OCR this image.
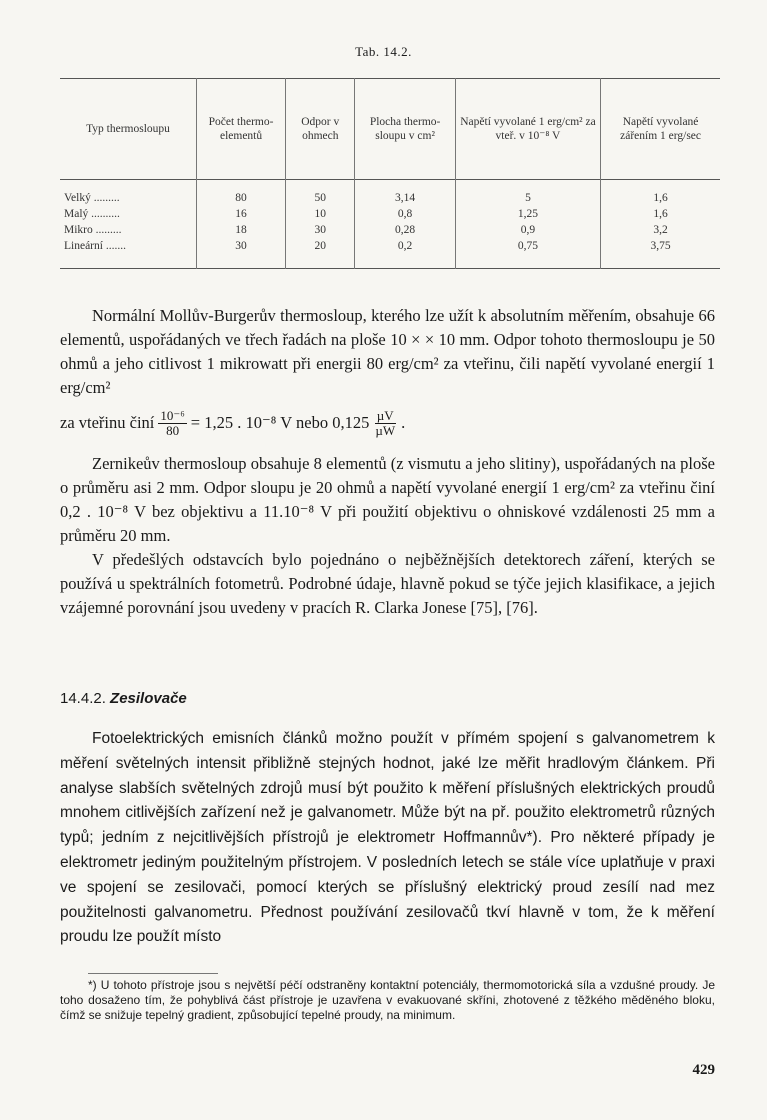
Tab. 14.2.
Typ thermosloupu	Počet thermo-elementů	Odpor v ohmech	Plocha thermo-sloupu v cm²	Napětí vyvolané 1 erg/cm² za vteř. v 10⁻⁸ V	Napětí vyvolané zářením 1 erg/sec
Velký .........	80	50	3,14	5	1,6
Malý ..........	16	10	0,8	1,25	1,6
Mikro .........	18	30	0,28	0,9	3,2
Lineární .......	30	20	0,2	0,75	3,75

Normální Mollův-Burgerův thermosloup, kterého lze užít k absolutním měřením, obsahuje 66 elementů, uspořádaných ve třech řadách na ploše 10 × × 10 mm. Odpor tohoto thermosloupu je 50 ohmů a jeho citlivost 1 mikrowatt při energii 80 erg/cm² za vteřinu, čili napětí vyvolané energií 1 erg/cm²

za vteřinu činí $\frac{\text{10⁻⁶}}{80} = 1,25$ . 10⁻⁸ V nebo $0,125 \frac{\text{µV}}{\text{µW}}$ .

Zernikeův thermosloup obsahuje 8 elementů (z vismutu a jeho slitiny), uspořádaných na ploše o průměru asi 2 mm. Odpor sloupu je 20 ohmů a napětí vyvolané energií 1 erg/cm² za vteřinu činí 0,2 . 10⁻⁸ V bez objektivu a 11.10⁻⁸ V při použití objektivu o ohniskové vzdálenosti 25 mm a průměru 20 mm.

V předešlých odstavcích bylo pojednáno o nejběžnějších detektorech záření, kterých se používá u spektrálních fotometrů. Podrobné údaje, hlavně pokud se týče jejich klasifikace, a jejich vzájemné porovnání jsou uvedeny v pracích R. Clarka Jonese [75], [76].

14.4.2. Zesilovače

Fotoelektrických emisních článků možno použít v přímém spojení s galvanometrem k měření světelných intensit přibližně stejných hodnot, jaké lze měřit hradlovým článkem. Při analyse slabších světelných zdrojů musí být použito k měření příslušných elektrických proudů mnohem citlivějších zařízení než je galvanometr. Může být na př. použito elektrometrů různých typů; jedním z nejcitlivějších přístrojů je elektrometr Hoffmannův*). Pro některé případy je elektrometr jediným použitelným přístrojem. V posledních letech se stále více uplatňuje v praxi ve spojení se zesilovači, pomocí kterých se příslušný elektrický proud zesílí nad mez použitelnosti galvanometru. Přednost používání zesilovačů tkví hlavně v tom, že k měření proudu lze použít místo

*) U tohoto přístroje jsou s největší péčí odstraněny kontaktní potenciály, thermomotorická síla a vzdušné proudy. Je toho dosaženo tím, že pohyblivá část přístroje je uzavřena v evakuované skříni, zhotovené z těžkého měděného bloku, čímž se snižuje tepelný gradient, způsobující tepelné proudy, na minimum.

429
